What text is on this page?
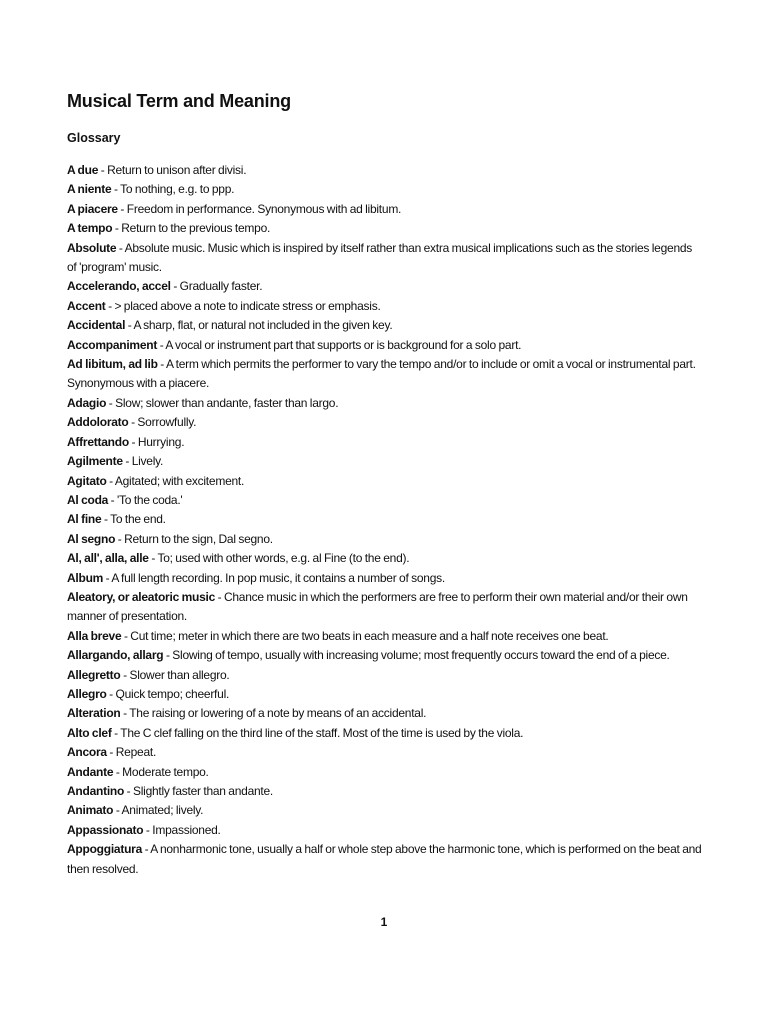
Musical Term and Meaning
Glossary
A due - Return to unison after divisi.
A niente - To nothing, e.g. to ppp.
A piacere - Freedom in performance. Synonymous with ad libitum.
A tempo - Return to the previous tempo.
Absolute - Absolute music. Music which is inspired by itself rather than extra musical implications such as the stories legends of 'program' music.
Accelerando, accel - Gradually faster.
Accent - > placed above a note to indicate stress or emphasis.
Accidental - A sharp, flat, or natural not included in the given key.
Accompaniment - A vocal or instrument part that supports or is background for a solo part.
Ad libitum, ad lib - A term which permits the performer to vary the tempo and/or to include or omit a vocal or instrumental part. Synonymous with a piacere.
Adagio - Slow; slower than andante, faster than largo.
Addolorato - Sorrowfully.
Affrettando - Hurrying.
Agilmente - Lively.
Agitato - Agitated; with excitement.
Al coda - 'To the coda.'
Al fine - To the end.
Al segno - Return to the sign, Dal segno.
Al, all', alla, alle - To; used with other words, e.g. al Fine (to the end).
Album - A full length recording. In pop music, it contains a number of songs.
Aleatory, or aleatoric music - Chance music in which the performers are free to perform their own material and/or their own manner of presentation.
Alla breve - Cut time; meter in which there are two beats in each measure and a half note receives one beat.
Allargando, allarg - Slowing of tempo, usually with increasing volume; most frequently occurs toward the end of a piece.
Allegretto - Slower than allegro.
Allegro - Quick tempo; cheerful.
Alteration - The raising or lowering of a note by means of an accidental.
Alto clef - The C clef falling on the third line of the staff. Most of the time is used by the viola.
Ancora - Repeat.
Andante - Moderate tempo.
Andantino - Slightly faster than andante.
Animato - Animated; lively.
Appassionato - Impassioned.
Appoggiatura - A nonharmonic tone, usually a half or whole step above the harmonic tone, which is performed on the beat and then resolved.
1
